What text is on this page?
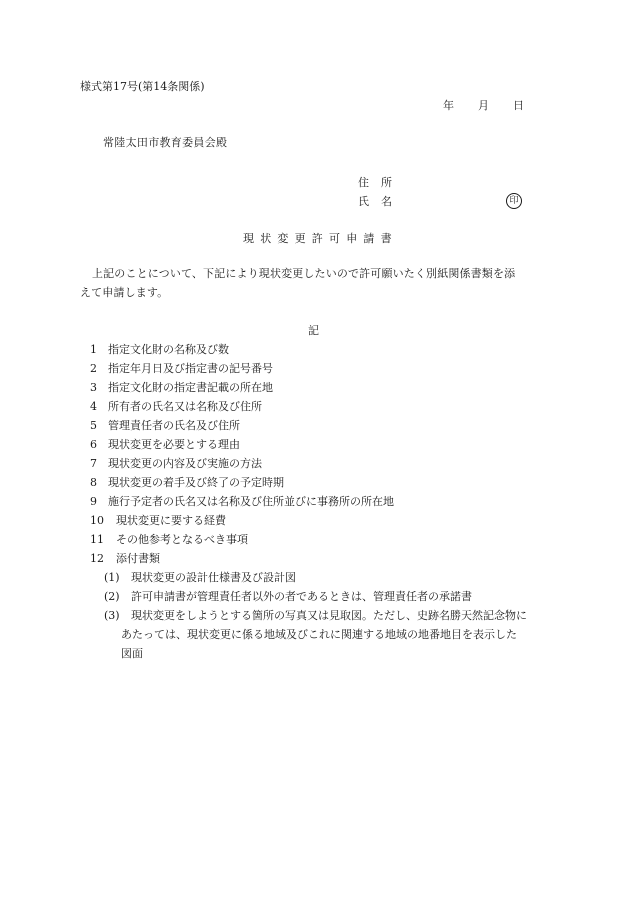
様式第17号(第14条関係)
年 月 日
常陸太田市教育委員会殿
住 所
氏 名	印
現状変更許可申請書
上記のことについて、下記により現状変更したいので許可願いたく別紙関係書類を添
えて申請します。
記
1 指定文化財の名称及び数
2 指定年月日及び指定書の記号番号
3 指定文化財の指定書記載の所在地
4 所有者の氏名又は名称及び住所
5 管理責任者の氏名及び住所
6 現状変更を必要とする理由
7 現状変更の内容及び実施の方法
8 現状変更の着手及び終了の予定時期
9 施行予定者の氏名又は名称及び住所並びに事務所の所在地
10 現状変更に要する経費
11 その他参考となるべき事項
12 添付書類
(1) 現状変更の設計仕様書及び設計図
(2) 許可申請書が管理責任者以外の者であるときは、管理責任者の承諾書
(3) 現状変更をしようとする箇所の写真又は見取図。ただし、史跡名勝天然記念物に
あたっては、現状変更に係る地域及びこれに関連する地域の地番地目を表示した
図面
